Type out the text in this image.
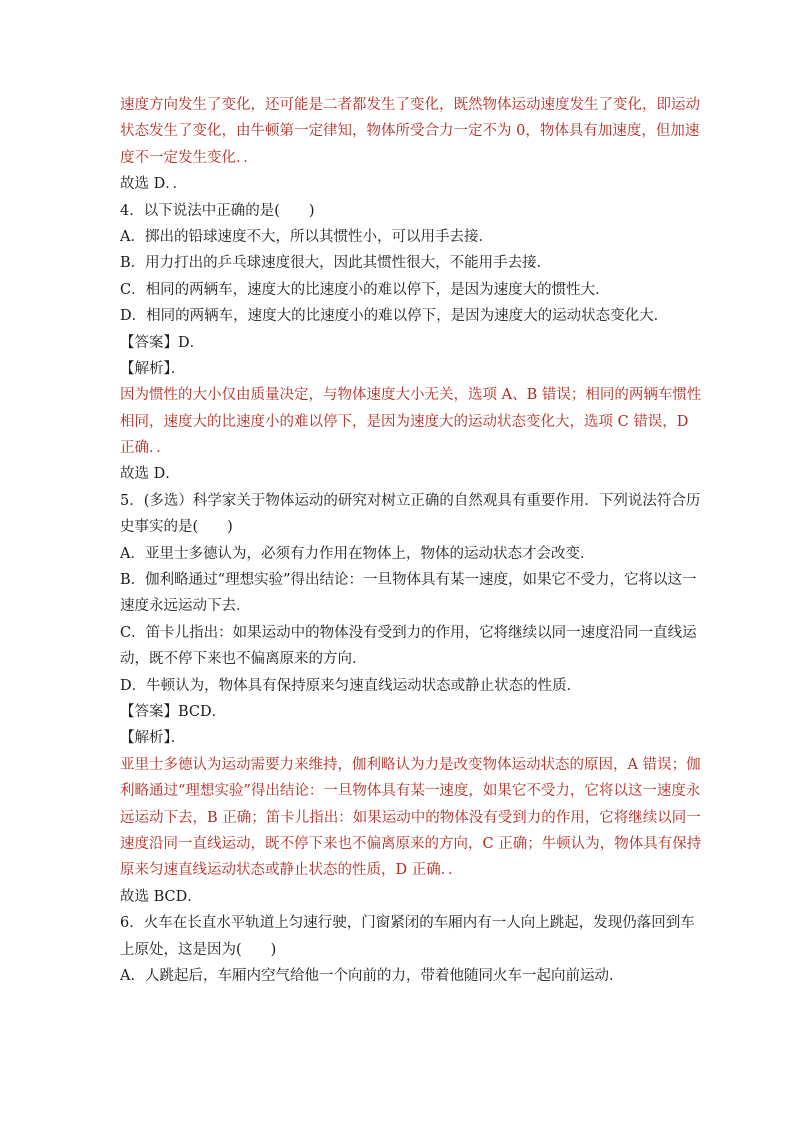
速度方向发生了变化，还可能是二者都发生了变化，既然物体运动速度发生了变化，即运动
状态发生了变化，由牛顿第一定律知，物体所受合力一定不为 0，物体具有加速度，但加速
度不一定发生变化．．
故选 D．．
4．以下说法中正确的是(　　)
A．掷出的铅球速度不大，所以其惯性小，可以用手去接．
B．用力打出的乒乓球速度很大，因此其惯性很大，不能用手去接．
C．相同的两辆车，速度大的比速度小的难以停下，是因为速度大的惯性大．
D．相同的两辆车，速度大的比速度小的难以停下，是因为速度大的运动状态变化大．
【答案】D．
【解析】．
因为惯性的大小仅由质量决定，与物体速度大小无关，选项 A、B 错误；相同的两辆车惯性
相同，速度大的比速度小的难以停下，是因为速度大的运动状态变化大，选项 C 错误，D
正确．．
故选 D．
5．(多选）科学家关于物体运动的研究对树立正确的自然观具有重要作用．下列说法符合历
史事实的是(　　)
A．亚里士多德认为，必须有力作用在物体上，物体的运动状态才会改变．
B．伽利略通过“理想实验”得出结论：一旦物体具有某一速度，如果它不受力，它将以这一
速度永远运动下去．
C．笛卡儿指出：如果运动中的物体没有受到力的作用，它将继续以同一速度沿同一直线运
动，既不停下来也不偏离原来的方向．
D．牛顿认为，物体具有保持原来匀速直线运动状态或静止状态的性质．
【答案】BCD．
【解析】．
亚里士多德认为运动需要力来维持，伽利略认为力是改变物体运动状态的原因，A 错误；伽
利略通过“理想实验”得出结论：一旦物体具有某一速度，如果它不受力，它将以这一速度永
远运动下去，B 正确；笛卡儿指出：如果运动中的物体没有受到力的作用，它将继续以同一
速度沿同一直线运动，既不停下来也不偏离原来的方向，C 正确；牛顿认为，物体具有保持
原来匀速直线运动状态或静止状态的性质，D 正确．．
故选 BCD．
6．火车在长直水平轨道上匀速行驶，门窗紧闭的车厢内有一人向上跳起，发现仍落回到车
上原处，这是因为(　　)
A．人跳起后，车厢内空气给他一个向前的力，带着他随同火车一起向前运动．
